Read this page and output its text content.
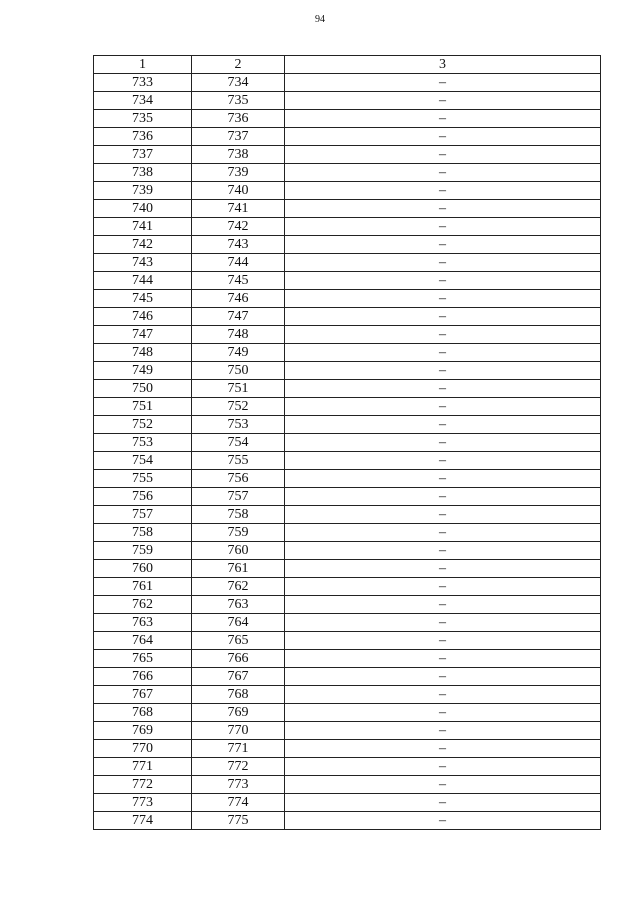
94
1	2	3
733	734	–
734	735	–
735	736	–
736	737	–
737	738	–
738	739	–
739	740	–
740	741	–
741	742	–
742	743	–
743	744	–
744	745	–
745	746	–
746	747	–
747	748	–
748	749	–
749	750	–
750	751	–
751	752	–
752	753	–
753	754	–
754	755	–
755	756	–
756	757	–
757	758	–
758	759	–
759	760	–
760	761	–
761	762	–
762	763	–
763	764	–
764	765	–
765	766	–
766	767	–
767	768	–
768	769	–
769	770	–
770	771	–
771	772	–
772	773	–
773	774	–
774	775	–
